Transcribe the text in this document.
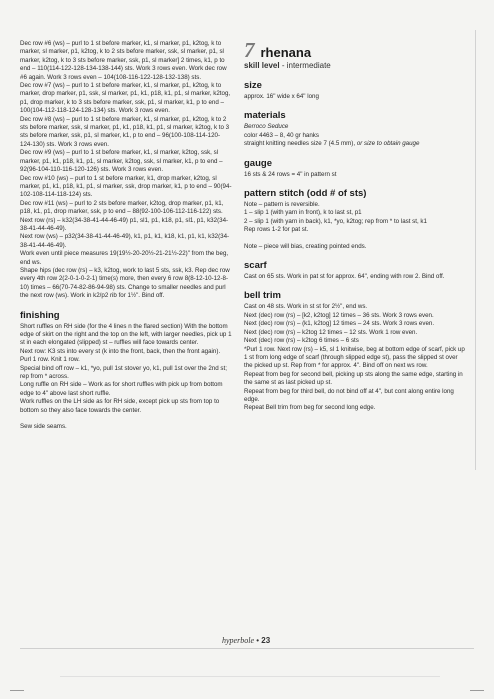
Dec row #6 (ws) – purl to 1 st before marker, k1, sl marker, p1, k2tog, k to marker, sl marker, p1, k2tog, k to 2 sts before marker, ssk, sl marker, p1, sl marker, k2tog, k to 3 sts before marker, ssk, p1, sl marker] 2 times, k1, p to end – 110(114-122-128-134-138-144) sts. Work 3 rows even. Work dec row #6 again. Work 3 rows even – 104(108-116-122-128-132-138) sts.

Dec row #7 (ws) – purl to 1 st before marker, k1, sl marker, p1, k2tog, k to marker, drop marker, p1, ssk, sl marker, p1, k1, p18, k1, p1, sl marker, k2tog, p1, drop marker, k to 3 sts before marker, ssk, p1, sl marker, k1, p to end – 100(104-112-118-124-128-134) sts. Work 3 rows even.

Dec row #8 (ws) – purl to 1 st before marker, k1, sl marker, p1, k2tog, k to 2 sts before marker, ssk, sl marker, p1, k1, p18, k1, p1, sl marker, k2tog, k to 3 sts before marker, ssk, p1, sl marker, k1, p to end – 96(100-108-114-120-124-130) sts. Work 3 rows even.

Dec row #9 (ws) – purl to 1 st before marker, k1, sl marker, k2tog, ssk, sl marker, p1, k1, p18, k1, p1, sl marker, k2tog, ssk, sl marker, k1, p to end – 92(96-104-110-116-120-126) sts. Work 3 rows even.

Dec row #10 (ws) – purl to 1 st before marker, k1, drop marker, k2tog, sl marker, p1, k1, p18, k1, p1, sl marker, ssk, drop marker, k1, p to end – 90(94-102-108-114-118-124) sts.

Dec row #11 (ws) – purl to 2 sts before marker, k2tog, drop marker, p1, k1, p18, k1, p1, drop marker, ssk, p to end – 88(92-100-106-112-116-122) sts.

Next row (rs) – k32(34-38-41-44-46-49) p1, sl1, p1, k18, p1, sl1, p1, k32(34-38-41-44-46-49).

Next row (ws) – p32(34-38-41-44-46-49), k1, p1, k1, k18, k1, p1, k1, k32(34-38-41-44-46-49).

Work even until piece measures 19(19½-20-20½-21-21½-22)" from the beg, end ws.

Shape hips (dec row (rs) – k3, k2tog, work to last 5 sts, ssk, k3. Rep dec row every 4th row 2(2-0-1-0-2-1) time(s) more, then every 6 row 8(8-12-10-12-8-10) times – 66(70-74-82-86-94-98) sts. Change to smaller needles and purl the next row (ws). Work in k2/p2 rib for 1½". Bind off.

finishing

Short ruffles on RH side (for the 4 lines n the flared section) With the bottom edge of skirt on the right and the top on the left, with larger needles, pick up 1 st in each elongated (slipped) st – ruffles will face towards center.

Next row: K3 sts into every st (k into the front, back, then the front again). Purl 1 row. Knit 1 row.

Special bind off row – k1, *yo, pull 1st stover yo, k1, pull 1st over the 2nd st; rep from * across.

Long ruffle on RH side – Work as for short ruffles with pick up from bottom edge to 4" above last short ruffle.

Work ruffles on the LH side as for RH side, except pick up sts from top to bottom so they also face towards the center.

Sew side seams.

7 rhenana
skill level - intermediate
size

approx. 16" wide x 64" long

materials

Berroco Seduce

color 4463 – 8, 40 gr hanks

straight knitting needles size 7 (4.5 mm), or size to obtain gauge

gauge

16 sts & 24 rows = 4" in pattern st

pattern stitch (odd # of sts)

Note – pattern is reversible.

1 – slip 1 (with yarn in front), k to last st, p1

2 – slip 1 (with yarn in back), k1, *yo, k2tog; rep from * to last st, k1

Rep rows 1-2 for pat st.

Note – piece will bias, creating pointed ends.

scarf

Cast on 65 sts. Work in pat st for approx. 64", ending with row 2. Bind off.

bell trim

Cast on 48 sts. Work in st st for 2½", end ws.

Next (dec) row (rs) – [k2, k2tog] 12 times – 36 sts. Work 3 rows even.

Next (dec) row (rs) – (k1, k2tog] 12 times – 24 sts. Work 3 rows even.

Next (dec) row (rs) – k2tog 12 times – 12 sts. Work 1 row even.

Next (dec) row (rs) – k2tog 6 times – 6 sts

*Purl 1 row. Next row (rs) – k5, sl 1 knitwise, beg at bottom edge of scarf, pick up 1 st from long edge of scarf (through slipped edge st), pass the slipped st over the picked up st. Rep from * for approx. 4". Bind off on next ws row.

Repeat from beg for second bell, picking up sts along the same edge, starting in the same st as last picked up st.

Repeat from beg for third bell, do not bind off at 4", but cont along entire long edge.

Repeat Bell trim from beg for second long edge.

hyperbole • 23
